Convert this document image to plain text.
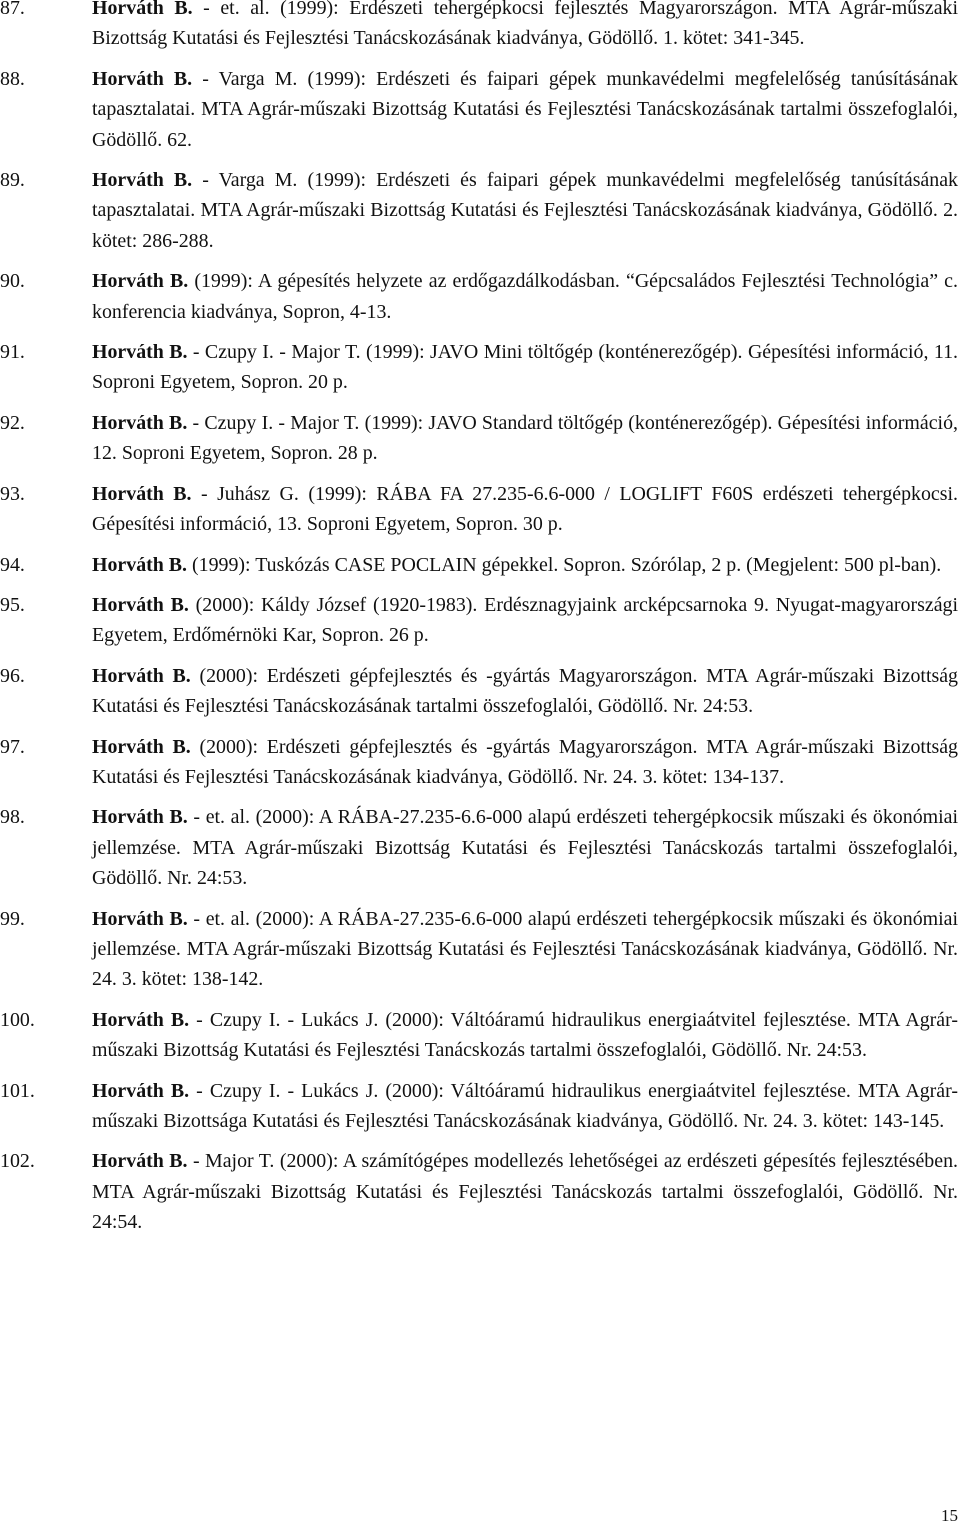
87.	Horváth B. - et. al. (1999): Erdészeti tehergépkocsi fejlesztés Magyarországon. MTA Agrár-műszaki Bizottság Kutatási és Fejlesztési Tanácskozásának kiadványa, Gödöllő. 1. kötet: 341-345.
88.	Horváth B. - Varga M. (1999): Erdészeti és faipari gépek munkavédelmi megfelelőség tanúsításának tapasztalatai. MTA Agrár-műszaki Bizottság Kutatási és Fejlesztési Tanácskozásának tartalmi összefoglalói, Gödöllő. 62.
89.	Horváth B. - Varga M. (1999): Erdészeti és faipari gépek munkavédelmi megfelelőség tanúsításának tapasztalatai. MTA Agrár-műszaki Bizottság Kutatási és Fejlesztési Tanácskozásának kiadványa, Gödöllő. 2. kötet: 286-288.
90.	Horváth B. (1999): A gépesítés helyzete az erdőgazdálkodásban. “Gépcsaládos Fejlesztési Technológia” c. konferencia kiadványa, Sopron, 4-13.
91.	Horváth B. - Czupy I. - Major T. (1999): JAVO Mini töltőgép (konténerezőgép). Gépesítési információ, 11. Soproni Egyetem, Sopron. 20 p.
92.	Horváth B. - Czupy I. - Major T. (1999): JAVO Standard töltőgép (konténerezőgép). Gépesítési információ, 12. Soproni Egyetem, Sopron. 28 p.
93.	Horváth B. - Juhász G. (1999): RÁBA FA 27.235-6.6-000 / LOGLIFT F60S erdészeti tehergépkocsi. Gépesítési információ, 13. Soproni Egyetem, Sopron. 30 p.
94.	Horváth B. (1999): Tuskózás CASE POCLAIN gépekkel. Sopron. Szórólap, 2 p. (Megjelent: 500 pl-ban).
95.	Horváth B. (2000): Káldy József (1920-1983). Erdésznagyjaink arcképcsarnoka 9. Nyugat-magyarországi Egyetem, Erdőmérnöki Kar, Sopron. 26 p.
96.	Horváth B. (2000): Erdészeti gépfejlesztés és -gyártás Magyarországon. MTA Agrár-műszaki Bizottság Kutatási és Fejlesztési Tanácskozásának tartalmi összefoglalói, Gödöllő. Nr. 24:53.
97.	Horváth B. (2000): Erdészeti gépfejlesztés és -gyártás Magyarországon. MTA Agrár-műszaki Bizottság Kutatási és Fejlesztési Tanácskozásának kiadványa, Gödöllő. Nr. 24. 3. kötet: 134-137.
98.	Horváth B. - et. al. (2000): A RÁBA-27.235-6.6-000 alapú erdészeti tehergépkocsik műszaki és ökonómiai jellemzése. MTA Agrár-műszaki Bizottság Kutatási és Fejlesztési Tanácskozás tartalmi összefoglalói, Gödöllő. Nr. 24:53.
99.	Horváth B. - et. al. (2000): A RÁBA-27.235-6.6-000 alapú erdészeti tehergépkocsik műszaki és ökonómiai jellemzése. MTA Agrár-műszaki Bizottság Kutatási és Fejlesztési Tanácskozásának kiadványa, Gödöllő. Nr. 24. 3. kötet: 138-142.
100.	Horváth B. - Czupy I. - Lukács J. (2000): Váltóáramú hidraulikus energiaátvitel fejlesztése. MTA Agrár-műszaki Bizottság Kutatási és Fejlesztési Tanácskozás tartalmi összefoglalói, Gödöllő. Nr. 24:53.
101.	Horváth B. - Czupy I. - Lukács J. (2000): Váltóáramú hidraulikus energiaátvitel fejlesztése. MTA Agrár-műszaki Bizottsága Kutatási és Fejlesztési Tanácskozásának kiadványa, Gödöllő. Nr. 24. 3. kötet: 143-145.
102.	Horváth B. - Major T. (2000): A számítógépes modellezés lehetőségei az erdészeti gépesítés fejlesztésében. MTA Agrár-műszaki Bizottság Kutatási és Fejlesztési Tanácskozás tartalmi összefoglalói, Gödöllő. Nr. 24:54.
15
